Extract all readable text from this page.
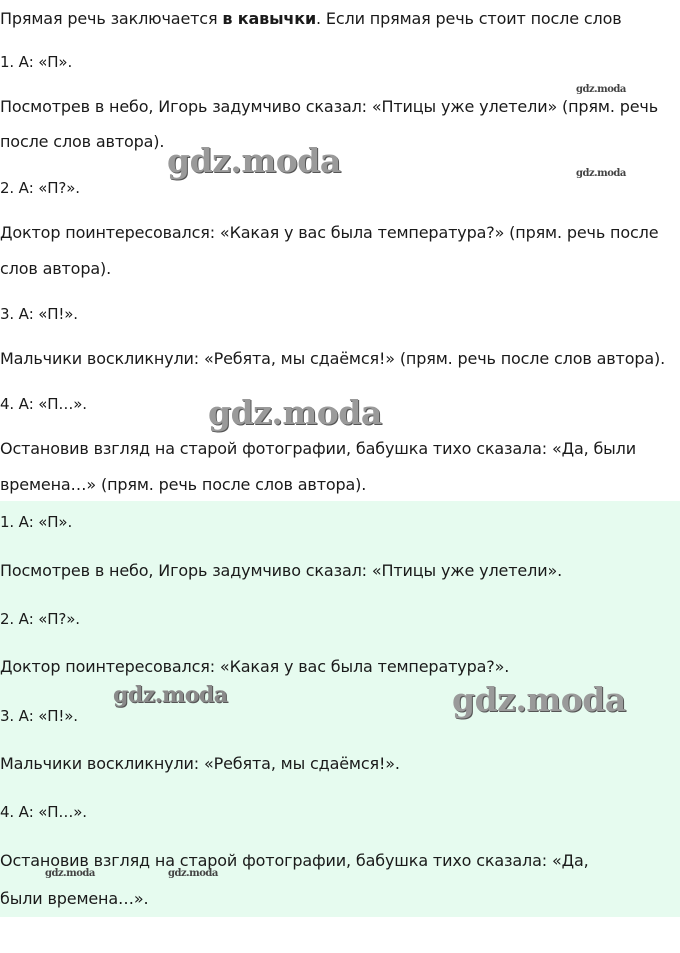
Прямая речь заключается в кавычки. Если прямая речь стоит после слов
1. А: «П».
Посмотрев в небо, Игорь задумчиво сказал: «Птицы уже улетели» (прям. речь
после слов автора).
2. А: «П?».
Доктор поинтересовался: «Какая у вас была температура?» (прям. речь после
слов автора).
3. А: «П!».
Мальчики воскликнули: «Ребята, мы сдаёмся!» (прям. речь после слов автора).
4. А: «П…».
Остановив взгляд на старой фотографии, бабушка тихо сказала: «Да, были
времена…» (прям. речь после слов автора).
1. А: «П».
Посмотрев в небо, Игорь задумчиво сказал: «Птицы уже улетели».
2. А: «П?».
Доктор поинтересовался: «Какая у вас была температура?».
3. А: «П!».
Мальчики воскликнули: «Ребята, мы сдаёмся!».
4. А: «П…».
Остановив взгляд на старой фотографии, бабушка тихо сказала: «Да,
были времена…».
gdz.moda
gdz.moda	gdz.moda
gdz.moda
gdz.moda	gdz.moda
gdz.moda	gdz.moda
